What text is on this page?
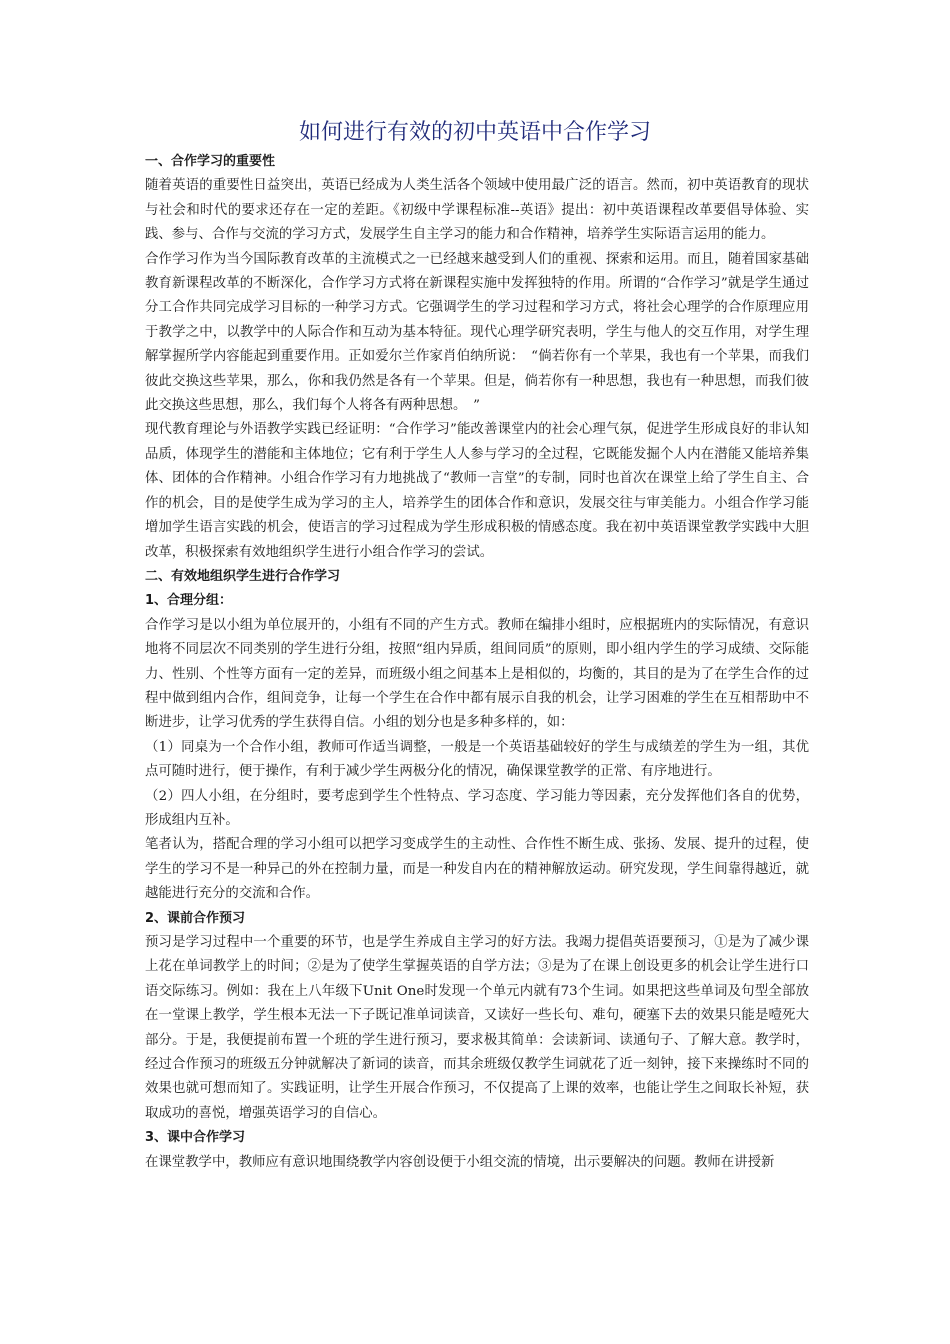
如何进行有效的初中英语中合作学习
一、合作学习的重要性

随着英语的重要性日益突出，英语已经成为人类生活各个领域中使用最广泛的语言。然而，初中英语教育的现状与社会和时代的要求还存在一定的差距。《初级中学课程标准--英语》提出：初中英语课程改革要倡导体验、实践、参与、合作与交流的学习方式，发展学生自主学习的能力和合作精神，培养学生实际语言运用的能力。

合作学习作为当今国际教育改革的主流模式之一已经越来越受到人们的重视、探索和运用。而且，随着国家基础教育新课程改革的不断深化，合作学习方式将在新课程实施中发挥独特的作用。所谓的“合作学习”就是学生通过分工合作共同完成学习目标的一种学习方式。它强调学生的学习过程和学习方式，将社会心理学的合作原理应用于教学之中，以教学中的人际合作和互动为基本特征。现代心理学研究表明，学生与他人的交互作用，对学生理解掌握所学内容能起到重要作用。正如爱尔兰作家肖伯纳所说：　“倘若你有一个苹果，我也有一个苹果，而我们彼此交换这些苹果，那么，你和我仍然是各有一个苹果。但是，倘若你有一种思想，我也有一种思想，而我们彼此交换这些思想，那么，我们每个人将各有两种思想。　”

现代教育理论与外语教学实践已经证明：“合作学习”能改善课堂内的社会心理气氛，促进学生形成良好的非认知品质，体现学生的潜能和主体地位；它有利于学生人人参与学习的全过程，它既能发掘个人内在潜能又能培养集体、团体的合作精神。小组合作学习有力地挑战了“教师一言堂”的专制，同时也首次在课堂上给了学生自主、合作的机会，目的是使学生成为学习的主人，培养学生的团体合作和意识，发展交往与审美能力。小组合作学习能增加学生语言实践的机会，使语言的学习过程成为学生形成积极的情感态度。我在初中英语课堂教学实践中大胆改革，积极探索有效地组织学生进行小组合作学习的尝试。

二、有效地组织学生进行合作学习
1、合理分组：

合作学习是以小组为单位展开的，小组有不同的产生方式。教师在编排小组时，应根据班内的实际情况，有意识地将不同层次不同类别的学生进行分组，按照“组内异质，组间同质”的原则，即小组内学生的学习成绩、交际能力、性别、个性等方面有一定的差异，而班级小组之间基本上是相似的，均衡的，其目的是为了在学生合作的过程中做到组内合作，组间竞争，让每一个学生在合作中都有展示自我的机会，让学习困难的学生在互相帮助中不断进步，让学习优秀的学生获得自信。小组的划分也是多种多样的，如：

（1）同桌为一个合作小组，教师可作适当调整，一般是一个英语基础较好的学生与成绩差的学生为一组，其优点可随时进行，便于操作，有利于减少学生两极分化的情况，确保课堂教学的正常、有序地进行。

（2）四人小组，在分组时，要考虑到学生个性特点、学习态度、学习能力等因素，充分发挥他们各自的优势，形成组内互补。

笔者认为，搭配合理的学习小组可以把学习变成学生的主动性、合作性不断生成、张扬、发展、提升的过程，使学生的学习不是一种异己的外在控制力量，而是一种发自内在的精神解放运动。研究发现，学生间靠得越近，就越能进行充分的交流和合作。

2、课前合作预习

预习是学习过程中一个重要的环节，也是学生养成自主学习的好方法。我竭力提倡英语要预习，①是为了减少课上花在单词教学上的时间；②是为了使学生掌握英语的自学方法；③是为了在课上创设更多的机会让学生进行口语交际练习。例如：我在上八年级下Unit One时发现一个单元内就有73个生词。如果把这些单词及句型全部放在一堂课上教学，学生根本无法一下子既记准单词读音，又读好一些长句、难句，硬塞下去的效果只能是噎死大部分。于是，我便提前布置一个班的学生进行预习，要求极其简单：会读新词、读通句子、了解大意。教学时，经过合作预习的班级五分钟就解决了新词的读音，而其余班级仅教学生词就花了近一刻钟，接下来操练时不同的效果也就可想而知了。实践证明，让学生开展合作预习，不仅提高了上课的效率，也能让学生之间取长补短，获取成功的喜悦，增强英语学习的自信心。

3、课中合作学习

在课堂教学中，教师应有意识地围绕教学内容创设便于小组交流的情境，出示要解决的问题。教师在讲授新
